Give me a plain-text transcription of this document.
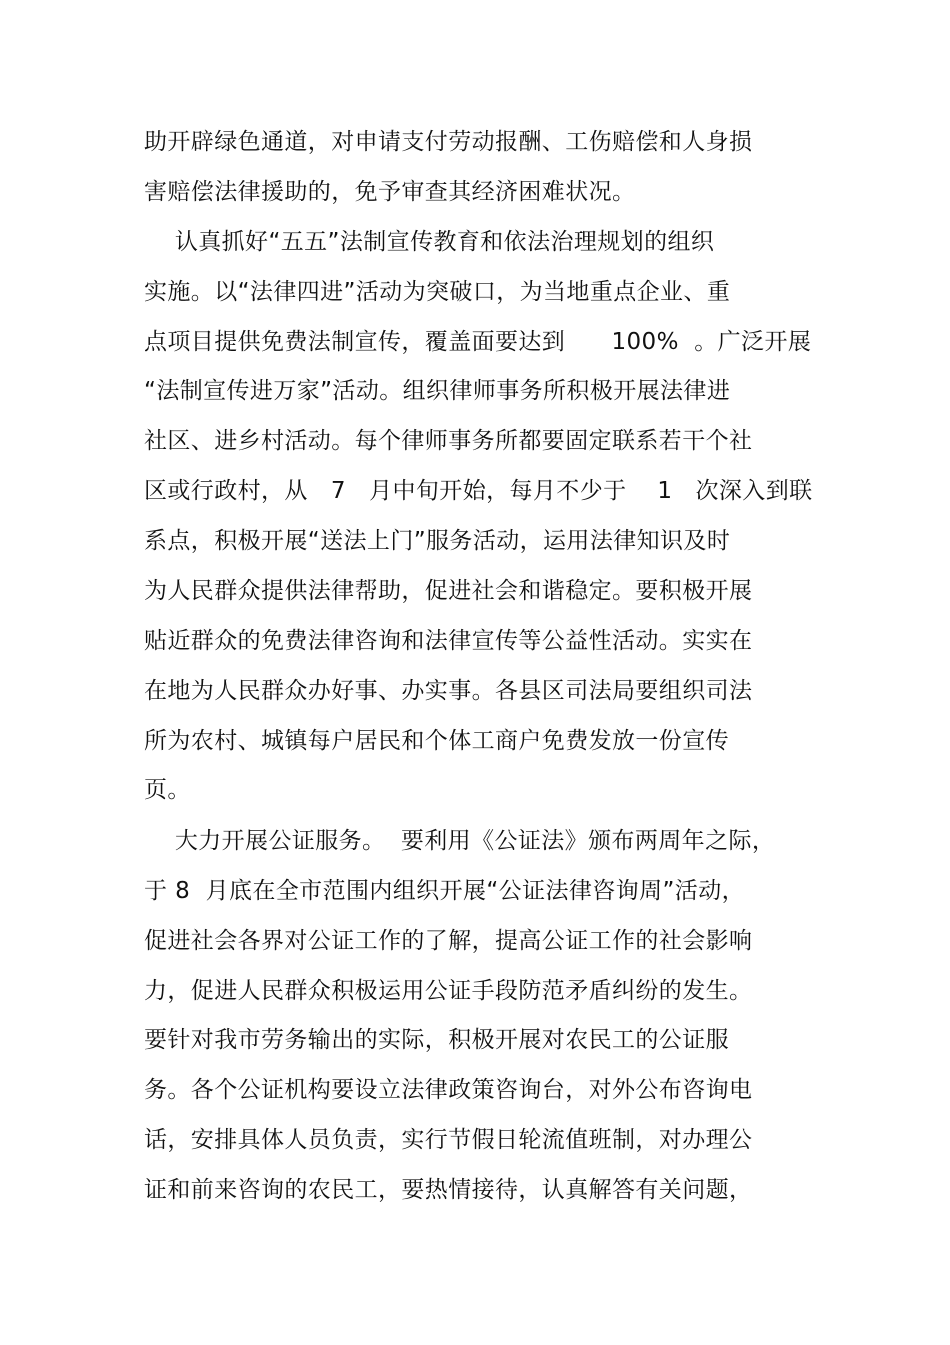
助开辟绿色通道，对申请支付劳动报酬、工伤赔偿和人身损
害赔偿法律援助的，免予审查其经济困难状况。
认真抓好“五五”法制宣传教育和依法治理规划的组织
实施。以“法律四进”活动为突破口，为当地重点企业、重
点项目提供免费法制宣传，覆盖面要达到      100%  。广泛开展
“法制宣传进万家”活动。组织律师事务所积极开展法律进
社区、进乡村活动。每个律师事务所都要固定联系若干个社
区或行政村，从   7   月中旬开始，每月不少于    1   次深入到联
系点，积极开展“送法上门”服务活动，运用法律知识及时
为人民群众提供法律帮助，促进社会和谐稳定。要积极开展
贴近群众的免费法律咨询和法律宣传等公益性活动。实实在
在地为人民群众办好事、办实事。各县区司法局要组织司法
所为农村、城镇每户居民和个体工商户免费发放一份宣传
页。
大力开展公证服务。  要利用《公证法》颁布两周年之际，
于 8  月底在全市范围内组织开展“公证法律咨询周”活动，
促进社会各界对公证工作的了解，提高公证工作的社会影响
力，促进人民群众积极运用公证手段防范矛盾纠纷的发生。
要针对我市劳务输出的实际，积极开展对农民工的公证服
务。各个公证机构要设立法律政策咨询台，对外公布咨询电
话，安排具体人员负责，实行节假日轮流值班制，对办理公
证和前来咨询的农民工，要热情接待，认真解答有关问题，
